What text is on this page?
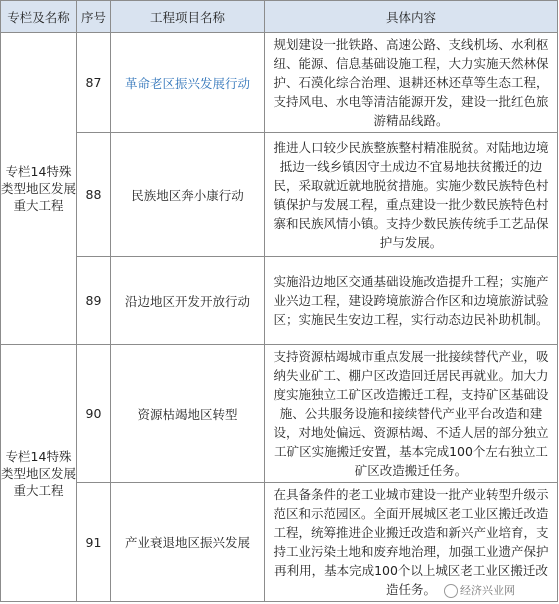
专栏及名称	序号	工程项目名称	具体内容
专栏14特殊类型地区发展重大工程	87	革命老区振兴发展行动	规划建设一批铁路、高速公路、支线机场、水利枢纽、能源、信息基础设施工程，大力实施天然林保护、石漠化综合治理、退耕还林还草等生态工程，支持风电、水电等清洁能源开发，建设一批红色旅游精品线路。
	88	民族地区奔小康行动	推进人口较少民族整族整村精准脱贫。对陆地边境抵边一线乡镇因守土成边不宜易地扶贫搬迁的边民，采取就近就地脱贫措施。实施少数民族特色村镇保护与发展工程，重点建设一批少数民族特色村寨和民族风情小镇。支持少数民族传统手工艺品保护与发展。
	89	沿边地区开发开放行动	实施沿边地区交通基础设施改造提升工程；实施产业兴边工程，建设跨境旅游合作区和边境旅游试验区；实施民生安边工程，实行动态边民补助机制。
专栏14特殊类型地区发展重大工程	90	资源枯竭地区转型	支持资源枯竭城市重点发展一批接续替代产业，吸纳失业矿工、棚户区改造回迁居民再就业。加大力度实施独立工矿区改造搬迁工程，支持矿区基础设施、公共服务设施和接续替代产业平台改造和建设，对地处偏远、资源枯竭、不适人居的部分独立工矿区实施搬迁安置，基本完成100个左右独立工矿区改造搬迁任务。
	91	产业衰退地区振兴发展	在具备条件的老工业城市建设一批产业转型升级示范区和示范园区。全面开展城区老工业区搬迁改造工程，统筹推进企业搬迁改造和新兴产业培育，支持工业污染土地和废弃地治理，加强工业遗产保护再利用，基本完成100个以上城区老工业区搬迁改造任务。	经济兴业网
